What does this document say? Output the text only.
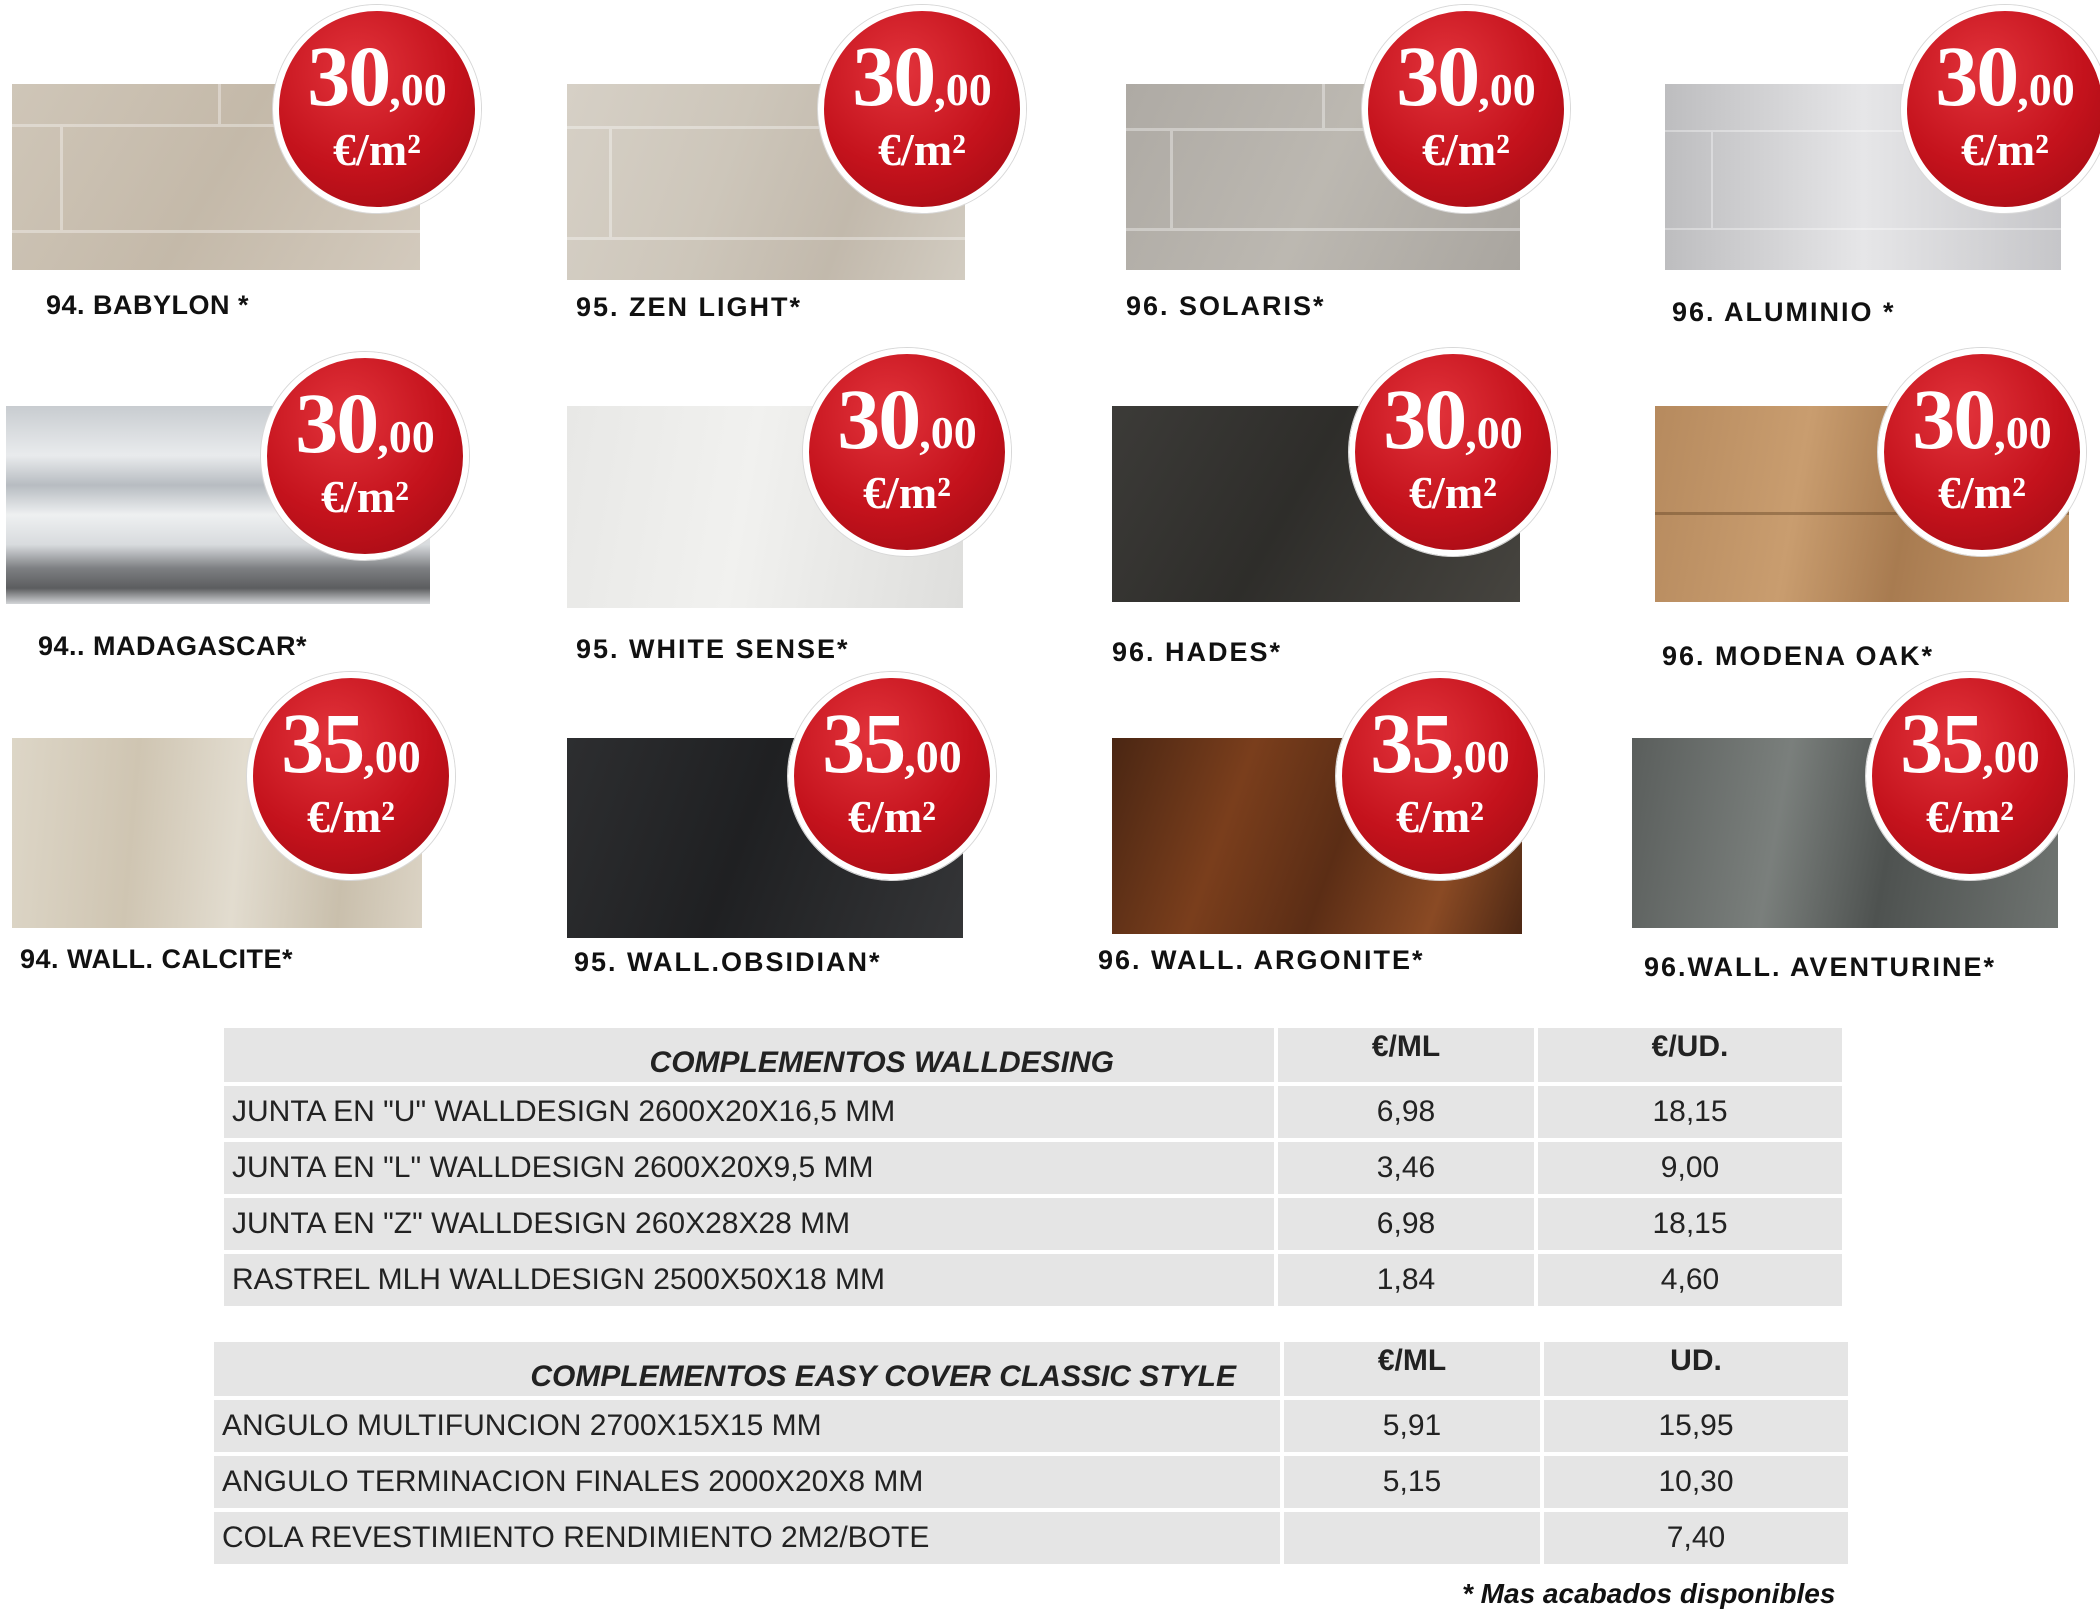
30,00
€/m²
94. BABYLON *
30,00
€/m²
95. ZEN LIGHT*
30,00
€/m²
96. SOLARIS*
30,00
€/m²
96. ALUMINIO *
30,00
€/m²
94.. MADAGASCAR*
30,00
€/m²
95. WHITE SENSE*
30,00
€/m²
96. HADES*
30,00
€/m²
96. MODENA OAK*
35,00
€/m²
94. WALL. CALCITE*
35,00
€/m²
95. WALL.OBSIDIAN*
35,00
€/m²
96. WALL. ARGONITE*
35,00
€/m²
96.WALL. AVENTURINE*
COMPLEMENTOS WALLDESING	€/ML	€/UD.
JUNTA EN "U" WALLDESIGN 2600X20X16,5 MM	6,98	18,15
JUNTA EN "L" WALLDESIGN 2600X20X9,5 MM	3,46	9,00
JUNTA EN "Z" WALLDESIGN 260X28X28 MM	6,98	18,15
RASTREL MLH WALLDESIGN 2500X50X18 MM	1,84	4,60
COMPLEMENTOS EASY COVER CLASSIC STYLE	€/ML	UD.
ANGULO MULTIFUNCION 2700X15X15 MM	5,91	15,95
ANGULO TERMINACION FINALES 2000X20X8 MM	5,15	10,30
COLA REVESTIMIENTO RENDIMIENTO 2M2/BOTE		7,40
* Mas acabados disponibles
